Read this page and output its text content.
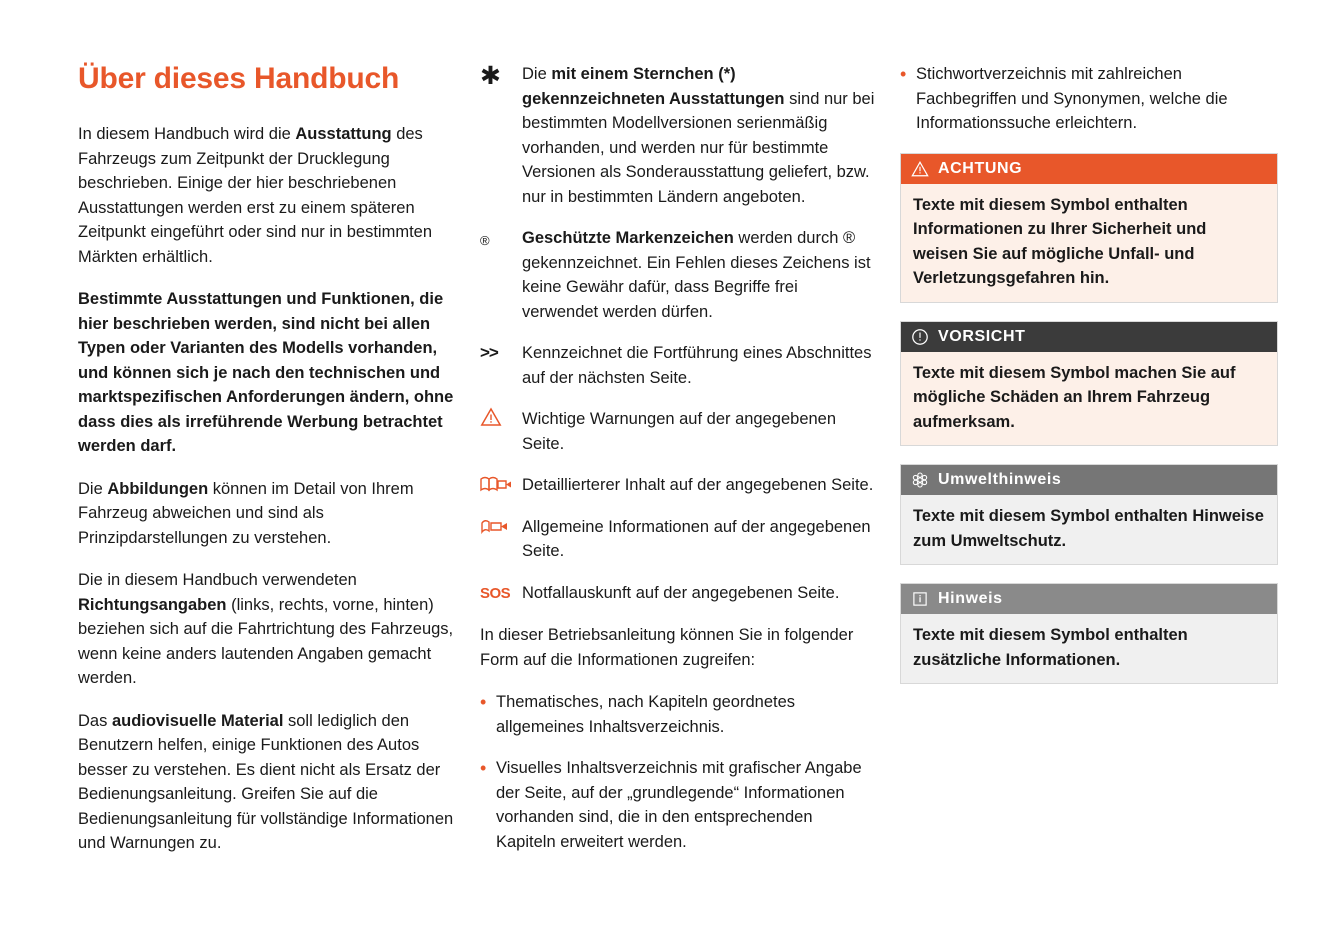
Über dieses Handbuch

In diesem Handbuch wird die Ausstattung des Fahrzeugs zum Zeitpunkt der Drucklegung beschrieben. Einige der hier beschriebenen Ausstattungen werden erst zu einem späteren Zeitpunkt eingeführt oder sind nur in bestimmten Märkten erhältlich.

Bestimmte Ausstattungen und Funktionen, die hier beschrieben werden, sind nicht bei allen Typen oder Varianten des Modells vorhanden, und können sich je nach den technischen und marktspezifischen Anforderungen ändern, ohne dass dies als irreführende Werbung betrachtet werden darf.

Die Abbildungen können im Detail von Ihrem Fahrzeug abweichen und sind als Prinzipdarstellungen zu verstehen.

Die in diesem Handbuch verwendeten Richtungsangaben (links, rechts, vorne, hinten) beziehen sich auf die Fahrtrichtung des Fahrzeugs, wenn keine anders lautenden Angaben gemacht werden.

Das audiovisuelle Material soll lediglich den Benutzern helfen, einige Funktionen des Autos besser zu verstehen. Es dient nicht als Ersatz der Bedienungsanleitung. Greifen Sie auf die Bedienungsanleitung für vollständige Informationen und Warnungen zu.

✱	Die mit einem Sternchen (*) gekennzeichneten Ausstattungen sind nur bei bestimmten Modellversionen serienmäßig vorhanden, und werden nur für bestimmte Versionen als Sonderausstattung geliefert, bzw. nur in bestimmten Ländern angeboten.
®	Geschützte Markenzeichen werden durch ® gekennzeichnet. Ein Fehlen dieses Zeichens ist keine Gewähr dafür, dass Begriffe frei verwendet werden dürfen.
>>	Kennzeichnet die Fortführung eines Abschnittes auf der nächsten Seite.
Wichtige Warnungen auf der angegebenen Seite.
Detaillierterer Inhalt auf der angegebenen Seite.
Allgemeine Informationen auf der angegebenen Seite.
SOS Notfallauskunft auf der angegebenen Seite.

In dieser Betriebsanleitung können Sie in folgender Form auf die Informationen zugreifen:

• Thematisches, nach Kapiteln geordnetes allgemeines Inhaltsverzeichnis.
• Visuelles Inhaltsverzeichnis mit grafischer Angabe der Seite, auf der „grundlegende“ Informationen vorhanden sind, die in den entsprechenden Kapiteln erweitert werden.
• Stichwortverzeichnis mit zahlreichen Fachbegriffen und Synonymen, welche die Informationssuche erleichtern.
ACHTUNG
Texte mit diesem Symbol enthalten Informationen zu Ihrer Sicherheit und weisen Sie auf mögliche Unfall- und Verletzungsgefahren hin.
VORSICHT
Texte mit diesem Symbol machen Sie auf mögliche Schäden an Ihrem Fahrzeug aufmerksam.
Umwelthinweis
Texte mit diesem Symbol enthalten Hinweise zum Umweltschutz.
Hinweis
Texte mit diesem Symbol enthalten zusätzliche Informationen.
